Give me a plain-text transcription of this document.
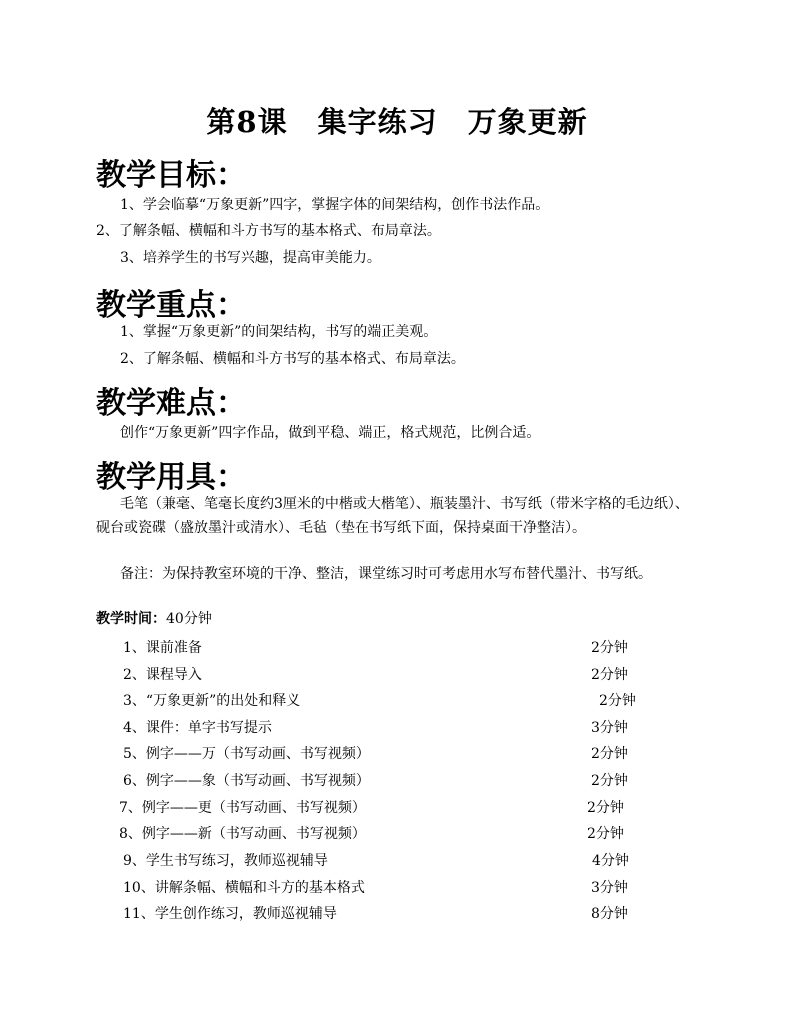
第8课　集字练习　万象更新
教学目标：
1、学会临摹“万象更新”四字，掌握字体的间架结构，创作书法作品。
2、了解条幅、横幅和斗方书写的基本格式、布局章法。
3、培养学生的书写兴趣，提高审美能力。
教学重点：
1、掌握“万象更新”的间架结构，书写的端正美观。
2、了解条幅、横幅和斗方书写的基本格式、布局章法。
教学难点：
创作“万象更新”四字作品，做到平稳、端正，格式规范，比例合适。
教学用具：
毛笔（兼毫、笔毫长度约3厘米的中楷或大楷笔）、瓶装墨汁、书写纸（带米字格的毛边纸）、砚台或瓷碟（盛放墨汁或清水）、毛毡（垫在书写纸下面，保持桌面干净整洁）。
备注：为保持教室环境的干净、整洁，课堂练习时可考虑用水写布替代墨汁、书写纸。
教学时间：40分钟
1、课前准备	2分钟
2、课程导入	2分钟
3、“万象更新”的出处和释义	2分钟
4、课件：单字书写提示	3分钟
5、例字——万（书写动画、书写视频）	2分钟
6、例字——象（书写动画、书写视频）	2分钟
7、例字——更（书写动画、书写视频）	2分钟
8、例字——新（书写动画、书写视频）	2分钟
9、学生书写练习，教师巡视辅导	4分钟
10、讲解条幅、横幅和斗方的基本格式	3分钟
11、学生创作练习，教师巡视辅导	8分钟
